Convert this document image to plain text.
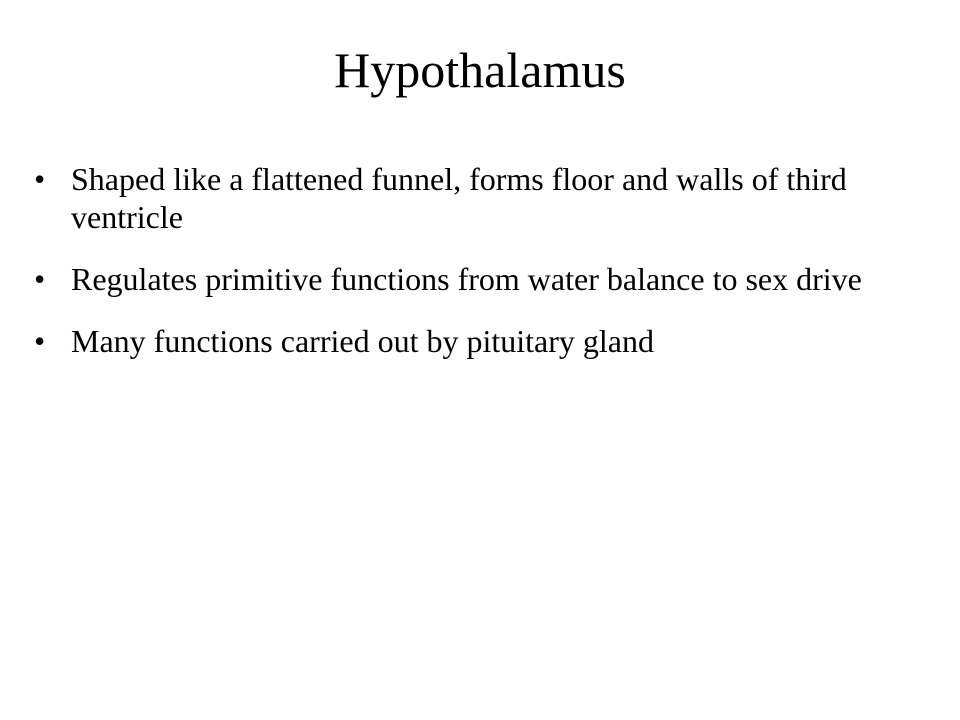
Hypothalamus
• Shaped like a flattened funnel, forms floor and walls of third ventricle
• Regulates primitive functions from water balance to sex drive
• Many functions carried out by pituitary gland
